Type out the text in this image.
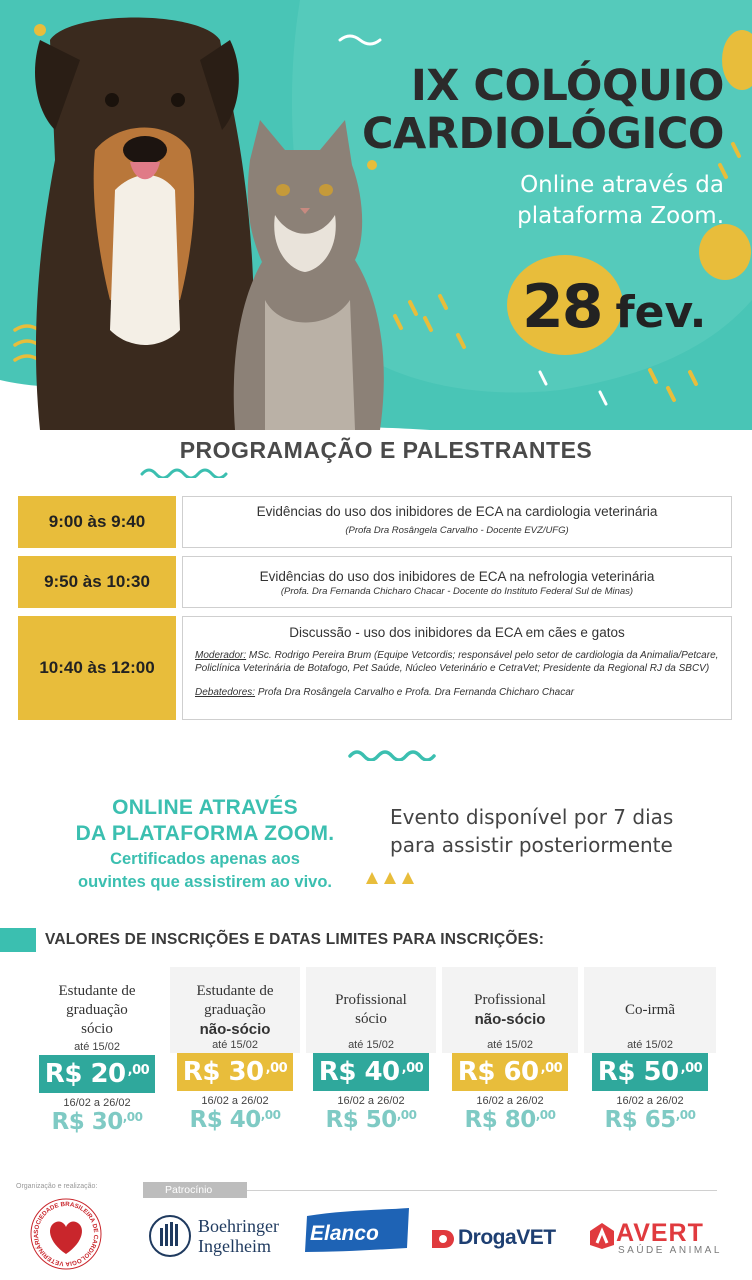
IX COLÓQUIO
CARDIOLÓGICO
Online através da
plataforma Zoom.
28 fev.
PROGRAMAÇÃO E PALESTRANTES
9:00 às 9:40
Evidências do uso dos inibidores de ECA na cardiologia veterinária
(Profa Dra Rosângela Carvalho - Docente EVZ/UFG)
9:50 às 10:30	Evidências do uso dos inibidores de ECA na nefrologia veterinária
(Profa. Dra Fernanda Chicharo Chacar - Docente do Instituto Federal Sul de Minas)
10:40 às 12:00
Discussão - uso dos inibidores da ECA em cães e gatos
Moderador: MSc. Rodrigo Pereira Brum (Equipe Vetcordis; responsável pelo setor de cardiologia da Animalia/Petcare, Policlínica Veterinária de Botafogo, Pet Saúde, Núcleo Veterinário e CetraVet; Presidente da Regional RJ da SBCV)
Debatedores: Profa Dra Rosângela Carvalho e Profa. Dra Fernanda Chicharo Chacar
ONLINE ATRAVÉS
DA PLATAFORMA ZOOM.
Certificados apenas aos
ouvintes que assistirem ao vivo.
Evento disponível por 7 dias
para assistir posteriormente
VALORES DE INSCRIÇÕES E DATAS LIMITES PARA INSCRIÇÕES:
Estudante de
graduação
sócio
até 15/02
R$ 20 ,00
16/02 a 26/02
R$ $30^{,00}$
Estudante de
graduação
não-sócio
até 15/02
R$ 30 ,00
16/02 a 26/02
R$ $40^{,00}$
Profissional
sócio
até 15/02
R$ 40 ,00
16/02 a 26/02
R$ $50^{,00}$
Profissional
não-sócio
até 15/02
R$ 60 ,00
16/02 a 26/02
R$ $80^{,00}$
Co-irmã
até 15/02
R$ 50 ,00
16/02 a 26/02
R$ $65^{,00}$
Organização e realização:
SOCIEDADE BRASILEIRA DE CARDIOLOGIA VETERINÁRIA
Patrocínio
Boehringer
Ingelheim
Elanco	DrogaVET AVERT
SAÚDE ANIMAL
